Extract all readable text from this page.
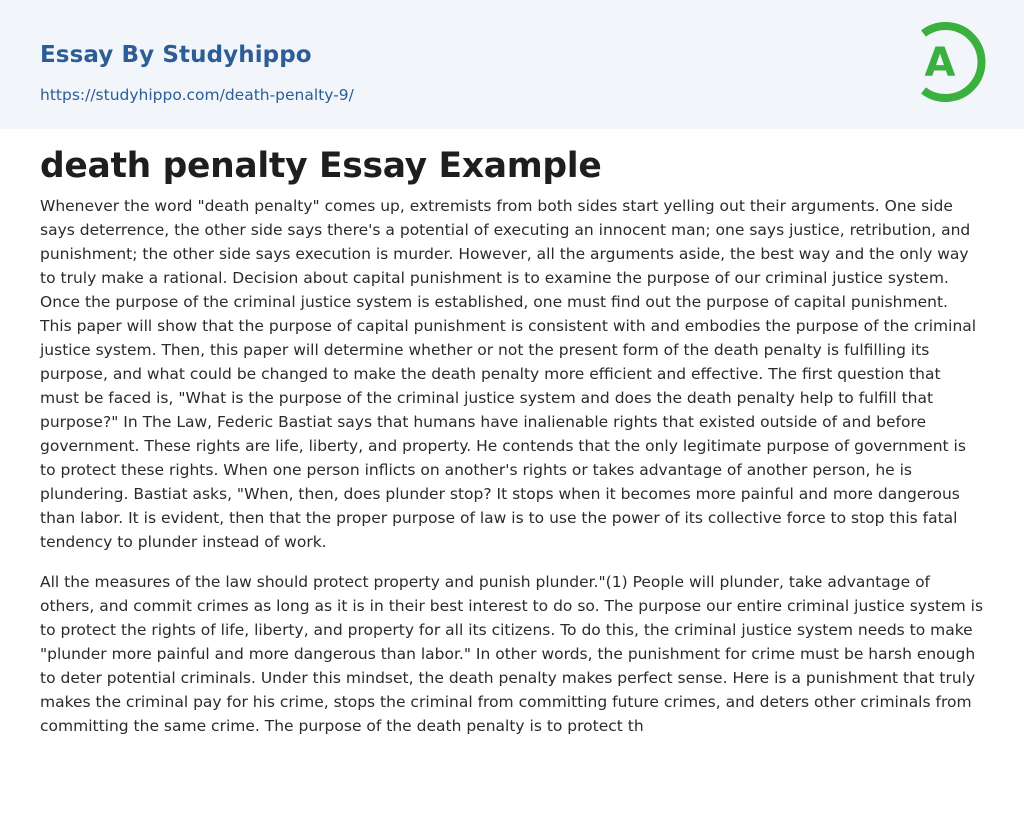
Essay By Studyhippo
https://studyhippo.com/death-penalty-9/
A
death penalty Essay Example

Whenever the word "death penalty" comes up, extremists from both sides start yelling out their arguments. One side says deterrence, the other side says there's a potential of executing an innocent man; one says justice, retribution, and punishment; the other side says execution is murder. However, all the arguments aside, the best way and the only way to truly make a rational. Decision about capital punishment is to examine the purpose of our criminal justice system. Once the purpose of the criminal justice system is established, one must find out the purpose of capital punishment. This paper will show that the purpose of capital punishment is consistent with and embodies the purpose of the criminal justice system. Then, this paper will determine whether or not the present form of the death penalty is fulfilling its purpose, and what could be changed to make the death penalty more efficient and effective. The first question that must be faced is, "What is the purpose of the criminal justice system and does the death penalty help to fulfill that purpose?" In The Law, Federic Bastiat says that humans have inalienable rights that existed outside of and before government. These rights are life, liberty, and property. He contends that the only legitimate purpose of government is to protect these rights. When one person inflicts on another's rights or takes advantage of another person, he is plundering. Bastiat asks, "When, then, does plunder stop? It stops when it becomes more painful and more dangerous than labor. It is evident, then that the proper purpose of law is to use the power of its collective force to stop this fatal tendency to plunder instead of work.

All the measures of the law should protect property and punish plunder."(1) People will plunder, take advantage of others, and commit crimes as long as it is in their best interest to do so. The purpose our entire criminal justice system is to protect the rights of life, liberty, and property for all its citizens. To do this, the criminal justice system needs to make "plunder more painful and more dangerous than labor." In other words, the punishment for crime must be harsh enough to deter potential criminals. Under this mindset, the death penalty makes perfect sense. Here is a punishment that truly makes the criminal pay for his crime, stops the criminal from committing future crimes, and deters other criminals from committing the same crime. The purpose of the death penalty is to protect th
